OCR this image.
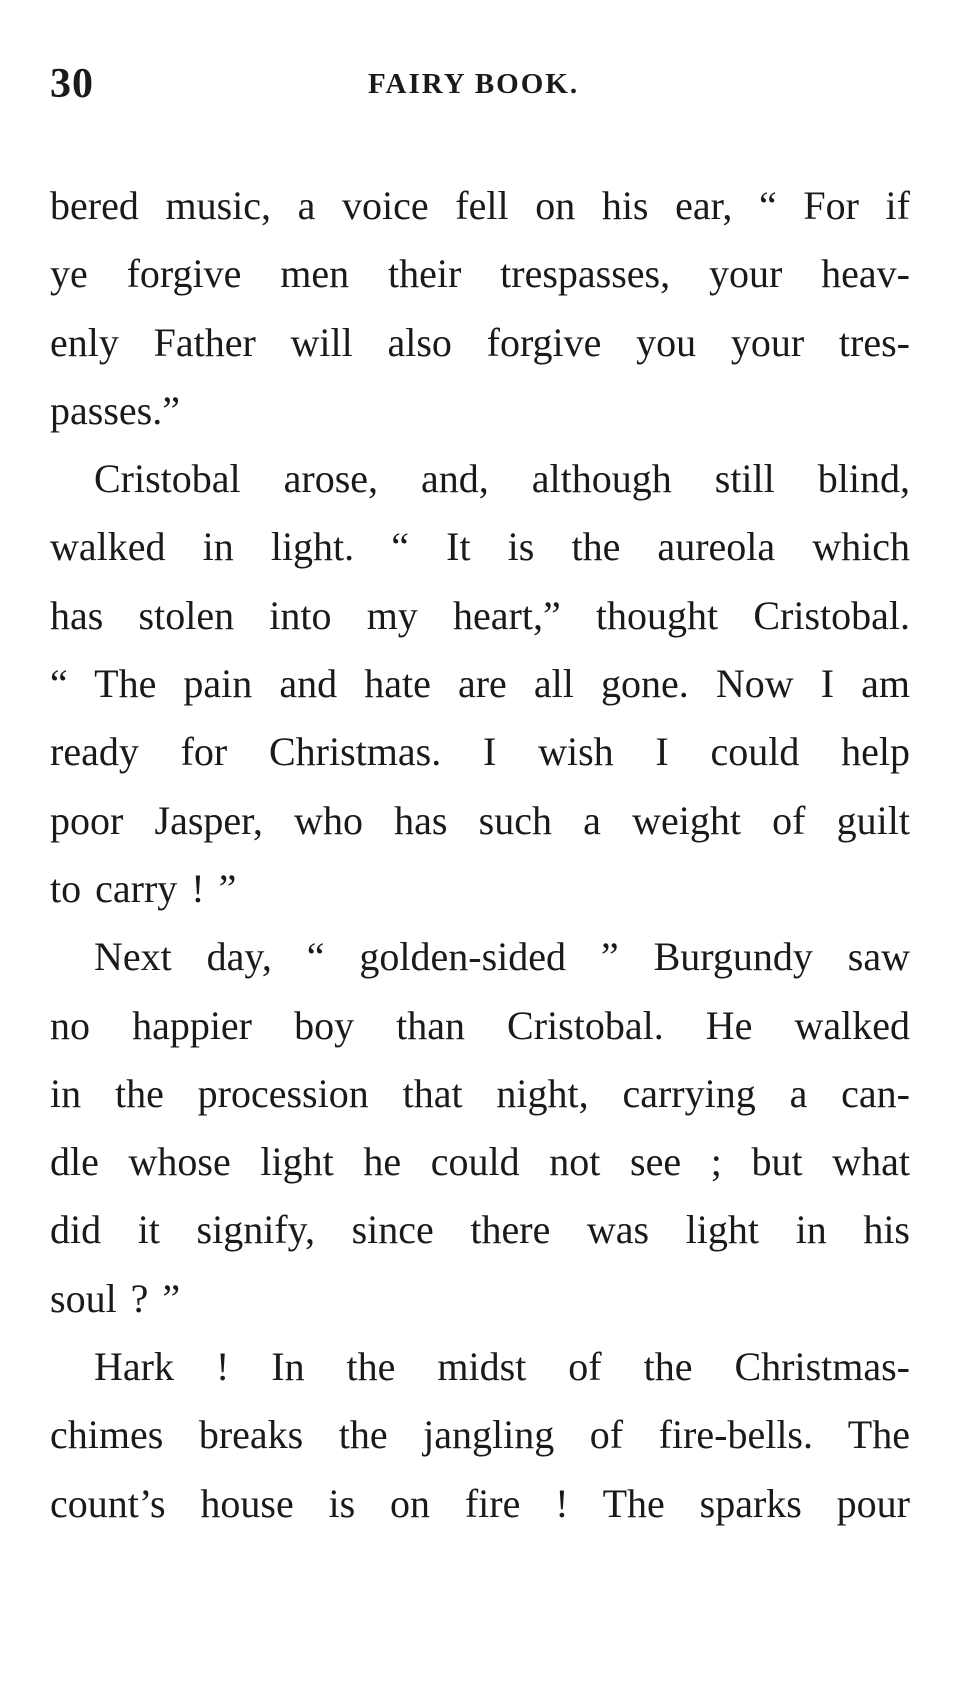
30	FAIRY BOOK.
bered music, a voice fell on his ear, “ For if
ye forgive men their trespasses, your heav-
enly Father will also forgive you your tres-
passes.”
Cristobal arose, and, although still blind,
walked in light. “ It is the aureola which
has stolen into my heart,” thought Cristobal.
“ The pain and hate are all gone. Now I am
ready for Christmas. I wish I could help
poor Jasper, who has such a weight of guilt
to carry ! ”
Next day, “ golden-sided ” Burgundy saw
no happier boy than Cristobal. He walked
in the procession that night, carrying a can-
dle whose light he could not see ; but what
did it signify, since there was light in his
soul ? ”
Hark ! In the midst of the Christmas-
chimes breaks the jangling of fire-bells. The
count’s house is on fire ! The sparks pour
